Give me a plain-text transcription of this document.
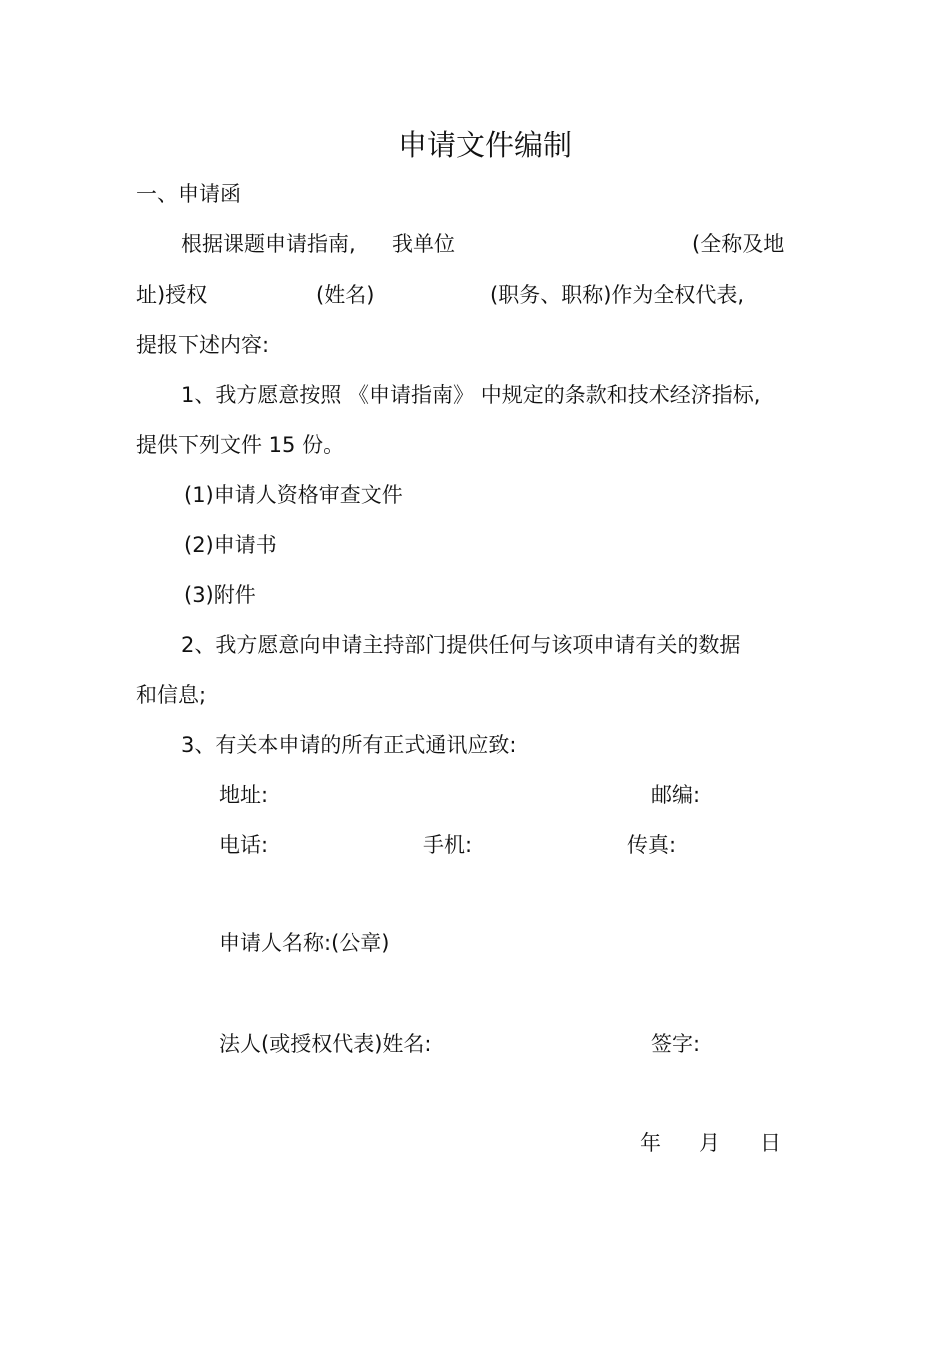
申请文件编制
一、申请函
根据课题申请指南, 我单位	(全称及地
址)授权	(姓名)	(职务、职称)作为全权代表,
提报下述内容:
1、我方愿意按照 《申请指南》 中规定的条款和技术经济指标,
提供下列文件 15 份。
(1)申请人资格审查文件
(2)申请书
(3)附件
2、我方愿意向申请主持部门提供任何与该项申请有关的数据
和信息;
3、有关本申请的所有正式通讯应致:
地址:	邮编:
电话:	手机:	传真:
申请人名称:(公章)
法人(或授权代表)姓名:	签字:
年 月 日
